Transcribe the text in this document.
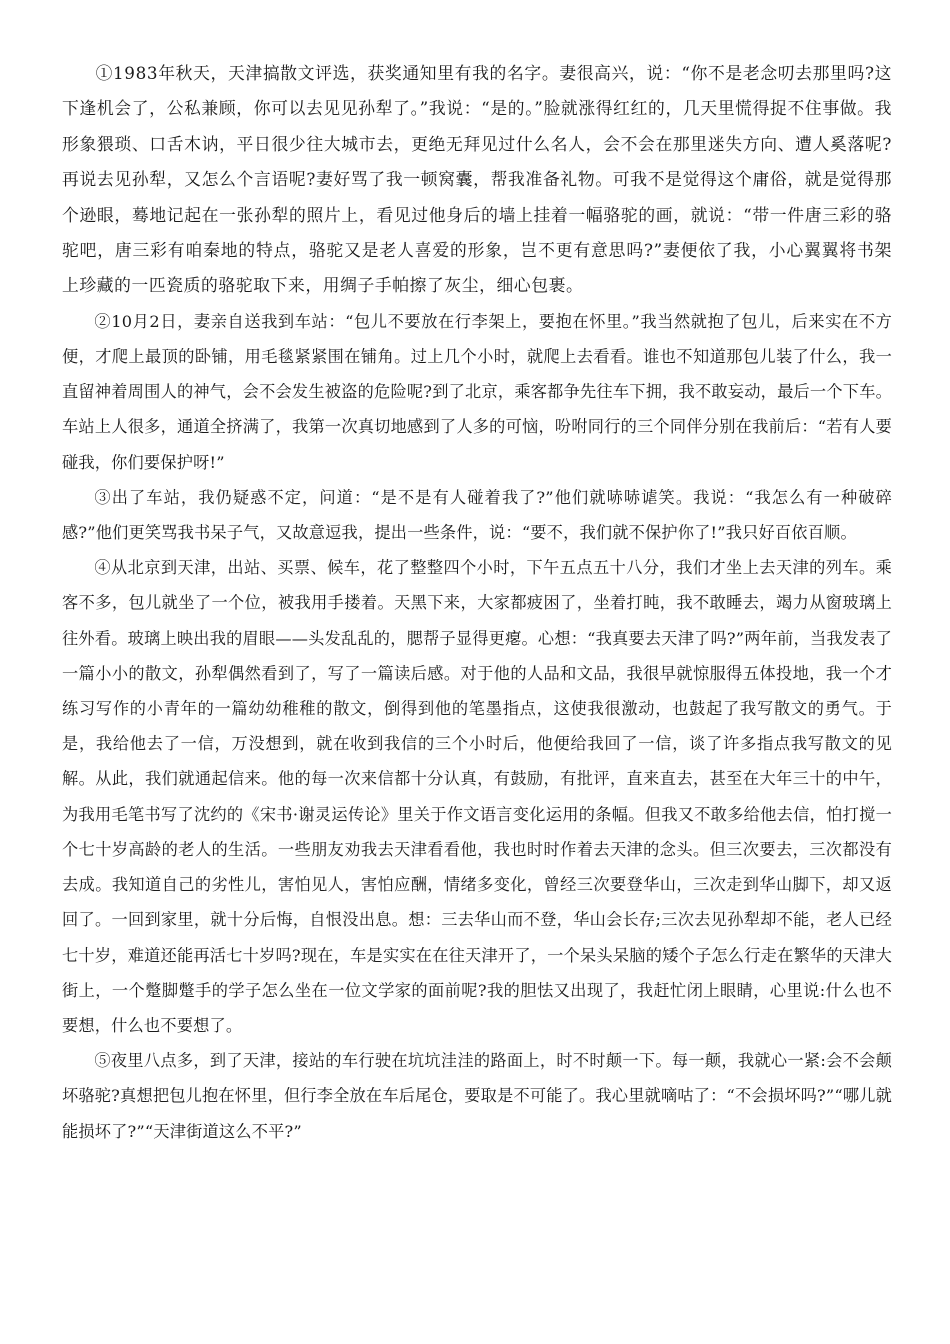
①1983年秋天，天津搞散文评选，获奖通知里有我的名字。妻很高兴，说：“你不是老念叨去那里吗?这下逢机会了，公私兼顾，你可以去见见孙犁了。”我说：“是的。”脸就涨得红红的，几天里慌得捉不住事做。我形象猥琐、口舌木讷，平日很少往大城市去，更绝无拜见过什么名人，会不会在那里迷失方向、遭人奚落呢?再说去见孙犁，又怎么个言语呢?妻好骂了我一顿窝囊，帮我准备礼物。可我不是觉得这个庸俗，就是觉得那个逊眼，蓦地记起在一张孙犁的照片上，看见过他身后的墙上挂着一幅骆驼的画，就说：“带一件唐三彩的骆驼吧，唐三彩有咱秦地的特点，骆驼又是老人喜爱的形象，岂不更有意思吗?”妻便依了我，小心翼翼将书架上珍藏的一匹瓷质的骆驼取下来，用绸子手帕擦了灰尘，细心包裹。

②10月2日，妻亲自送我到车站：“包儿不要放在行李架上，要抱在怀里。”我当然就抱了包儿，后来实在不方便，才爬上最顶的卧铺，用毛毯紧紧围在铺角。过上几个小时，就爬上去看看。谁也不知道那包儿装了什么，我一直留神着周围人的神气，会不会发生被盗的危险呢?到了北京，乘客都争先往车下拥，我不敢妄动，最后一个下车。车站上人很多，通道全挤满了，我第一次真切地感到了人多的可恼，吩咐同行的三个同伴分别在我前后：“若有人要碰我，你们要保护呀!”

③出了车站，我仍疑惑不定，问道：“是不是有人碰着我了?”他们就哧哧谑笑。我说：“我怎么有一种破碎感?”他们更笑骂我书呆子气，又故意逗我，提出一些条件，说：“要不，我们就不保护你了!”我只好百依百顺。

④从北京到天津，出站、买票、候车，花了整整四个小时，下午五点五十八分，我们才坐上去天津的列车。乘客不多，包儿就坐了一个位，被我用手搂着。天黑下来，大家都疲困了，坐着打盹，我不敢睡去，竭力从窗玻璃上往外看。玻璃上映出我的眉眼——头发乱乱的，腮帮子显得更瘪。心想：“我真要去天津了吗?”两年前，当我发表了一篇小小的散文，孙犁偶然看到了，写了一篇读后感。对于他的人品和文品，我很早就惊服得五体投地，我一个才练习写作的小青年的一篇幼幼稚稚的散文，倒得到他的笔墨指点，这使我很激动，也鼓起了我写散文的勇气。于是，我给他去了一信，万没想到，就在收到我信的三个小时后，他便给我回了一信，谈了许多指点我写散文的见解。从此，我们就通起信来。他的每一次来信都十分认真，有鼓励，有批评，直来直去，甚至在大年三十的中午，为我用毛笔书写了沈约的《宋书·谢灵运传论》里关于作文语言变化运用的条幅。但我又不敢多给他去信，怕打搅一个七十岁高龄的老人的生活。一些朋友劝我去天津看看他，我也时时作着去天津的念头。但三次要去，三次都没有去成。我知道自己的劣性儿，害怕见人，害怕应酬，情绪多变化，曾经三次要登华山，三次走到华山脚下，却又返回了。一回到家里，就十分后悔，自恨没出息。想：三去华山而不登，华山会长存;三次去见孙犁却不能，老人已经七十岁，难道还能再活七十岁吗?现在，车是实实在在往天津开了，一个呆头呆脑的矮个子怎么行走在繁华的天津大街上，一个蹩脚蹩手的学子怎么坐在一位文学家的面前呢?我的胆怯又出现了，我赶忙闭上眼睛，心里说:什么也不要想，什么也不要想了。

⑤夜里八点多，到了天津，接站的车行驶在坑坑洼洼的路面上，时不时颠一下。每一颠，我就心一紧:会不会颠坏骆驼?真想把包儿抱在怀里，但行李全放在车后尾仓，要取是不可能了。我心里就嘀咕了：“不会损坏吗?”“哪儿就能损坏了?”“天津街道这么不平?”
